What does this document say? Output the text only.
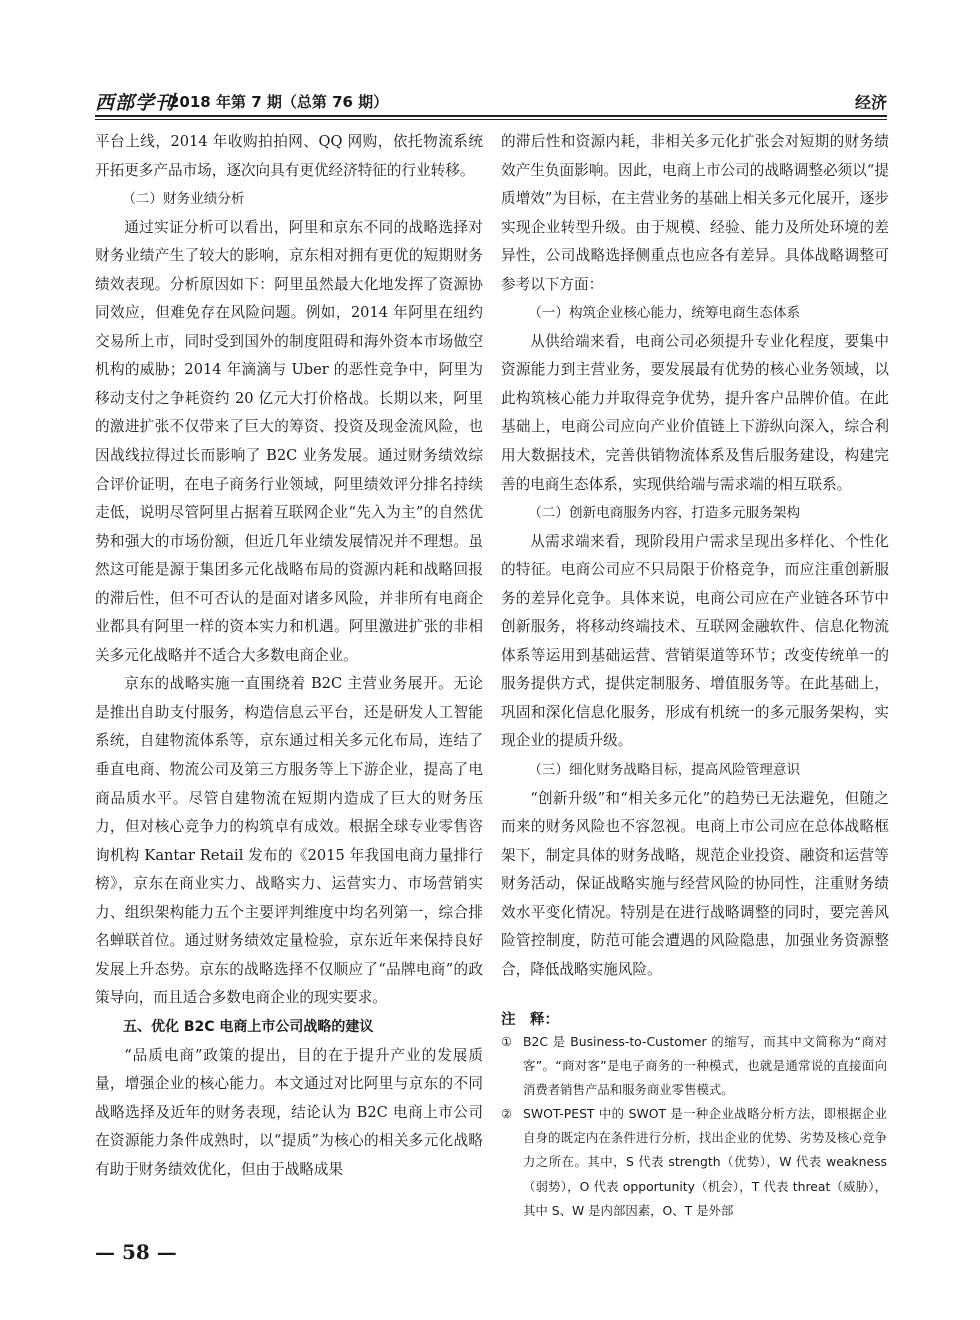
西部学刊
2018 年第 7 期（总第 76 期）	经济

平台上线，2014 年收购拍拍网、QQ 网购，依托物流系统开拓更多产品市场，逐次向具有更优经济特征的行业转移。

（二）财务业绩分析

通过实证分析可以看出，阿里和京东不同的战略选择对财务业绩产生了较大的影响，京东相对拥有更优的短期财务绩效表现。分析原因如下：阿里虽然最大化地发挥了资源协同效应，但难免存在风险问题。例如，2014 年阿里在纽约交易所上市，同时受到国外的制度阻碍和海外资本市场做空机构的威胁；2014 年滴滴与 Uber 的恶性竞争中，阿里为移动支付之争耗资约 20 亿元大打价格战。长期以来，阿里的激进扩张不仅带来了巨大的筹资、投资及现金流风险，也因战线拉得过长而影响了 B2C 业务发展。通过财务绩效综合评价证明，在电子商务行业领域，阿里绩效评分排名持续走低，说明尽管阿里占据着互联网企业“先入为主”的自然优势和强大的市场份额，但近几年业绩发展情况并不理想。虽然这可能是源于集团多元化战略布局的资源内耗和战略回报的滞后性，但不可否认的是面对诸多风险，并非所有电商企业都具有阿里一样的资本实力和机遇。阿里激进扩张的非相关多元化战略并不适合大多数电商企业。

京东的战略实施一直围绕着 B2C 主营业务展开。无论是推出自助支付服务，构造信息云平台，还是研发人工智能系统，自建物流体系等，京东通过相关多元化布局，连结了垂直电商、物流公司及第三方服务等上下游企业，提高了电商品质水平。尽管自建物流在短期内造成了巨大的财务压力，但对核心竞争力的构筑卓有成效。根据全球专业零售咨询机构 Kantar Retail 发布的《2015 年我国电商力量排行榜》，京东在商业实力、战略实力、运营实力、市场营销实力、组织架构能力五个主要评判维度中均名列第一，综合排名蝉联首位。通过财务绩效定量检验，京东近年来保持良好发展上升态势。京东的战略选择不仅顺应了“品牌电商”的政策导向，而且适合多数电商企业的现实要求。

五、优化 B2C 电商上市公司战略的建议

“品质电商”政策的提出，目的在于提升产业的发展质量，增强企业的核心能力。本文通过对比阿里与京东的不同战略选择及近年的财务表现，结论认为 B2C 电商上市公司在资源能力条件成熟时，以“提质”为核心的相关多元化战略有助于财务绩效优化，但由于战略成果

的滞后性和资源内耗，非相关多元化扩张会对短期的财务绩效产生负面影响。因此，电商上市公司的战略调整必须以“提质增效”为目标，在主营业务的基础上相关多元化展开，逐步实现企业转型升级。由于规模、经验、能力及所处环境的差异性，公司战略选择侧重点也应各有差异。具体战略调整可参考以下方面：

（一）构筑企业核心能力，统筹电商生态体系

从供给端来看，电商公司必须提升专业化程度，要集中资源能力到主营业务，要发展最有优势的核心业务领域，以此构筑核心能力并取得竞争优势，提升客户品牌价值。在此基础上，电商公司应向产业价值链上下游纵向深入，综合利用大数据技术，完善供销物流体系及售后服务建设，构建完善的电商生态体系，实现供给端与需求端的相互联系。

（二）创新电商服务内容，打造多元服务架构

从需求端来看，现阶段用户需求呈现出多样化、个性化的特征。电商公司应不只局限于价格竞争，而应注重创新服务的差异化竞争。具体来说，电商公司应在产业链各环节中创新服务，将移动终端技术、互联网金融软件、信息化物流体系等运用到基础运营、营销渠道等环节；改变传统单一的服务提供方式，提供定制服务、增值服务等。在此基础上，巩固和深化信息化服务，形成有机统一的多元服务架构，实现企业的提质升级。

（三）细化财务战略目标，提高风险管理意识

“创新升级”和“相关多元化”的趋势已无法避免，但随之而来的财务风险也不容忽视。电商上市公司应在总体战略框架下，制定具体的财务战略，规范企业投资、融资和运营等财务活动，保证战略实施与经营风险的协同性，注重财务绩效水平变化情况。特别是在进行战略调整的同时，要完善风险管控制度，防范可能会遭遇的风险隐患，加强业务资源整合，降低战略实施风险。

注　释：
① B2C 是 Business-to-Customer 的缩写，而其中文简称为“商对客”。“商对客”是电子商务的一种模式，也就是通常说的直接面向消费者销售产品和服务商业零售模式。
② SWOT-PEST 中的 SWOT 是一种企业战略分析方法，即根据企业自身的既定内在条件进行分析，找出企业的优势、劣势及核心竞争力之所在。其中，S 代表 strength（优势），W 代表 weakness（弱势），O 代表 opportunity（机会），T 代表 threat（威胁），其中 S、W 是内部因素，O、T 是外部
— 58 —
